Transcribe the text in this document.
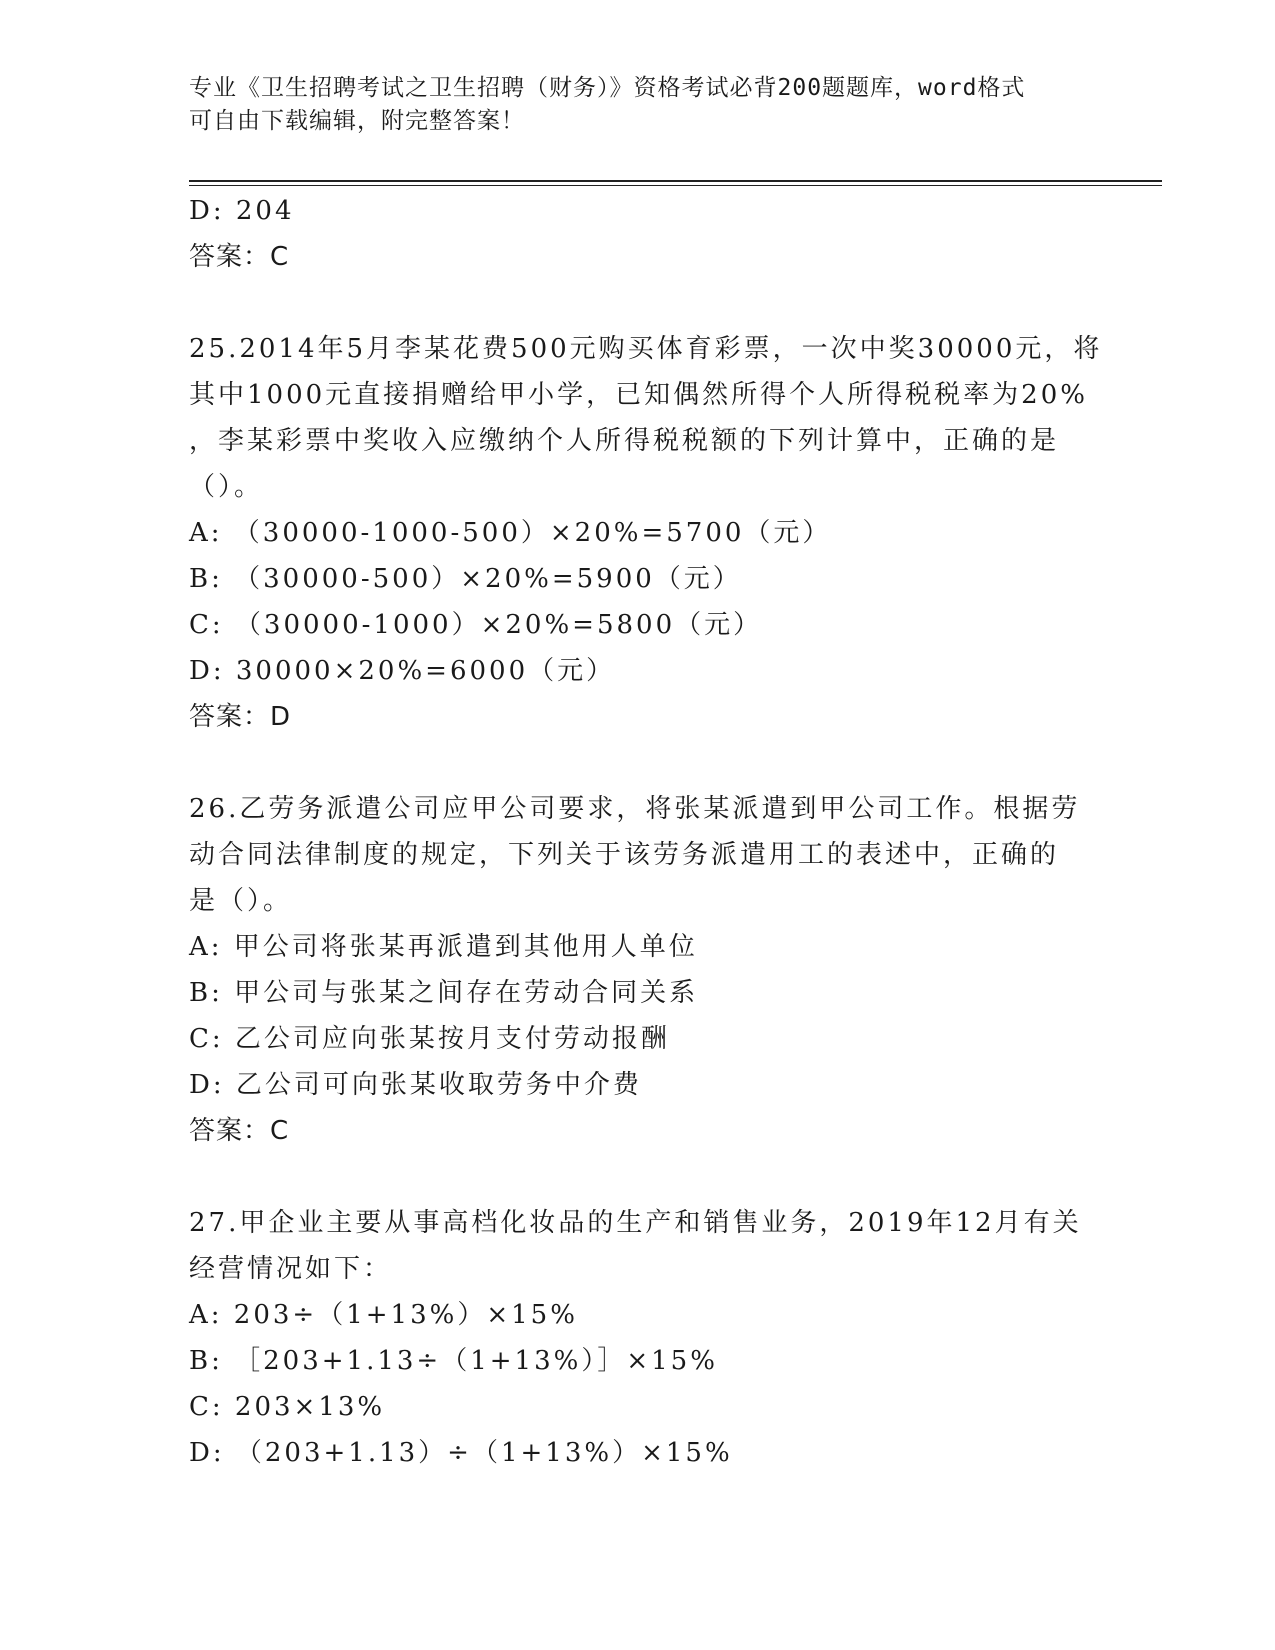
专业《卫生招聘考试之卫生招聘（财务）》资格考试必背200题题库，word格式
可自由下载编辑，附完整答案！
D: 204
答案：C
25.2014年5月李某花费500元购买体育彩票，一次中奖30000元，将
其中1000元直接捐赠给甲小学，已知偶然所得个人所得税税率为20%
，李某彩票中奖收入应缴纳个人所得税税额的下列计算中，正确的是
（）。
A: （30000-1000-500）×20%=5700（元）
B: （30000-500）×20%=5900（元）
C: （30000-1000）×20%=5800（元）
D: 30000×20%=6000（元）
答案：D
26.乙劳务派遣公司应甲公司要求，将张某派遣到甲公司工作。根据劳
动合同法律制度的规定，下列关于该劳务派遣用工的表述中，正确的
是（）。
A: 甲公司将张某再派遣到其他用人单位
B: 甲公司与张某之间存在劳动合同关系
C: 乙公司应向张某按月支付劳动报酬
D: 乙公司可向张某收取劳务中介费
答案：C
27.甲企业主要从事高档化妆品的生产和销售业务，2019年12月有关
经营情况如下：
A: 203÷（1+13%）×15%
B: ［203+1.13÷（1+13%）］×15%
C: 203×13%
D: （203+1.13）÷（1+13%）×15%
